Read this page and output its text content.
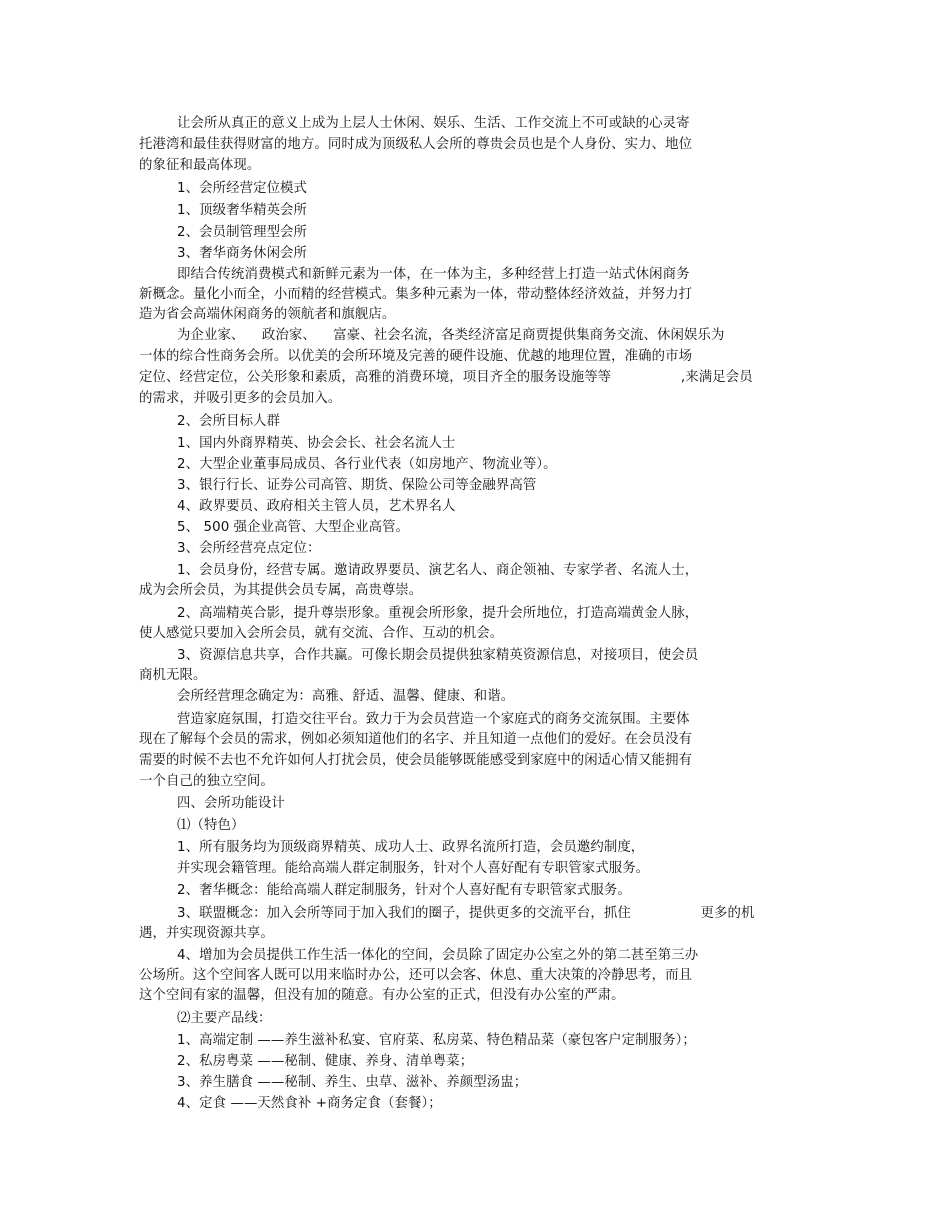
让会所从真正的意义上成为上层人士休闲、娱乐、生活、工作交流上不可或缺的心灵寄
托港湾和最佳获得财富的地方。同时成为顶级私人会所的尊贵会员也是个人身份、实力、地位
的象征和最高体现。
1、会所经营定位模式
1、顶级奢华精英会所
2、会员制管理型会所
3、奢华商务休闲会所
即结合传统消费模式和新鲜元素为一体，在一体为主，多种经营上打造一站式休闲商务
新概念。量化小而全，小而精的经营模式。集多种元素为一体，带动整体经济效益，并努力打
造为省会高端休闲商务的领航者和旗舰店。
为企业家、    政治家、    富豪、社会名流，各类经济富足商贾提供集商务交流、休闲娱乐为
一体的综合性商务会所。以优美的会所环境及完善的硬件设施、优越的地理位置，准确的市场
定位、经营定位，公关形象和素质，高雅的消费环境，项目齐全的服务设施等等                ,来满足会员
的需求，并吸引更多的会员加入。
2、会所目标人群
1、国内外商界精英、协会会长、社会名流人士
2、大型企业董事局成员、各行业代表（如房地产、物流业等）。
3、银行行长、证券公司高管、期货、保险公司等金融界高管
4、政界要员、政府相关主管人员，艺术界名人
5、 500 强企业高管、大型企业高管。
3、会所经营亮点定位：
1、会员身份，经营专属。邀请政界要员、演艺名人、商企领袖、专家学者、名流人士，
成为会所会员，为其提供会员专属，高贵尊崇。
2、高端精英合影，提升尊崇形象。重视会所形象，提升会所地位，打造高端黄金人脉，
使人感觉只要加入会所会员，就有交流、合作、互动的机会。
3、资源信息共享，合作共赢。可像长期会员提供独家精英资源信息，对接项目，使会员
商机无限。
会所经营理念确定为：高雅、舒适、温馨、健康、和谐。
营造家庭氛围，打造交往平台。致力于为会员营造一个家庭式的商务交流氛围。主要体
现在了解每个会员的需求，例如必须知道他们的名字、并且知道一点他们的爱好。在会员没有
需要的时候不去也不允许如何人打扰会员，使会员能够既能感受到家庭中的闲适心情又能拥有
一个自己的独立空间。
四、会所功能设计
⑴（特色）
1、所有服务均为顶级商界精英、成功人士、政界名流所打造，会员邀约制度，
并实现会籍管理。能给高端人群定制服务，针对个人喜好配有专职管家式服务。
2、奢华概念：能给高端人群定制服务，针对个人喜好配有专职管家式服务。
3、联盟概念：加入会所等同于加入我们的圈子，提供更多的交流平台，抓住                更多的机
遇，并实现资源共享。
4、增加为会员提供工作生活一体化的空间，会员除了固定办公室之外的第二甚至第三办
公场所。这个空间客人既可以用来临时办公，还可以会客、休息、重大决策的冷静思考，而且
这个空间有家的温馨，但没有加的随意。有办公室的正式，但没有办公室的严肃。
⑵主要产品线：
1、高端定制 ——养生滋补私宴、官府菜、私房菜、特色精品菜（豪包客户定制服务）；
2、私房粤菜 ——秘制、健康、养身、清单粤菜；
3、养生膳食 ——秘制、养生、虫草、滋补、养颜型汤盅；
4、定食 ——天然食补 +商务定食（套餐）；
